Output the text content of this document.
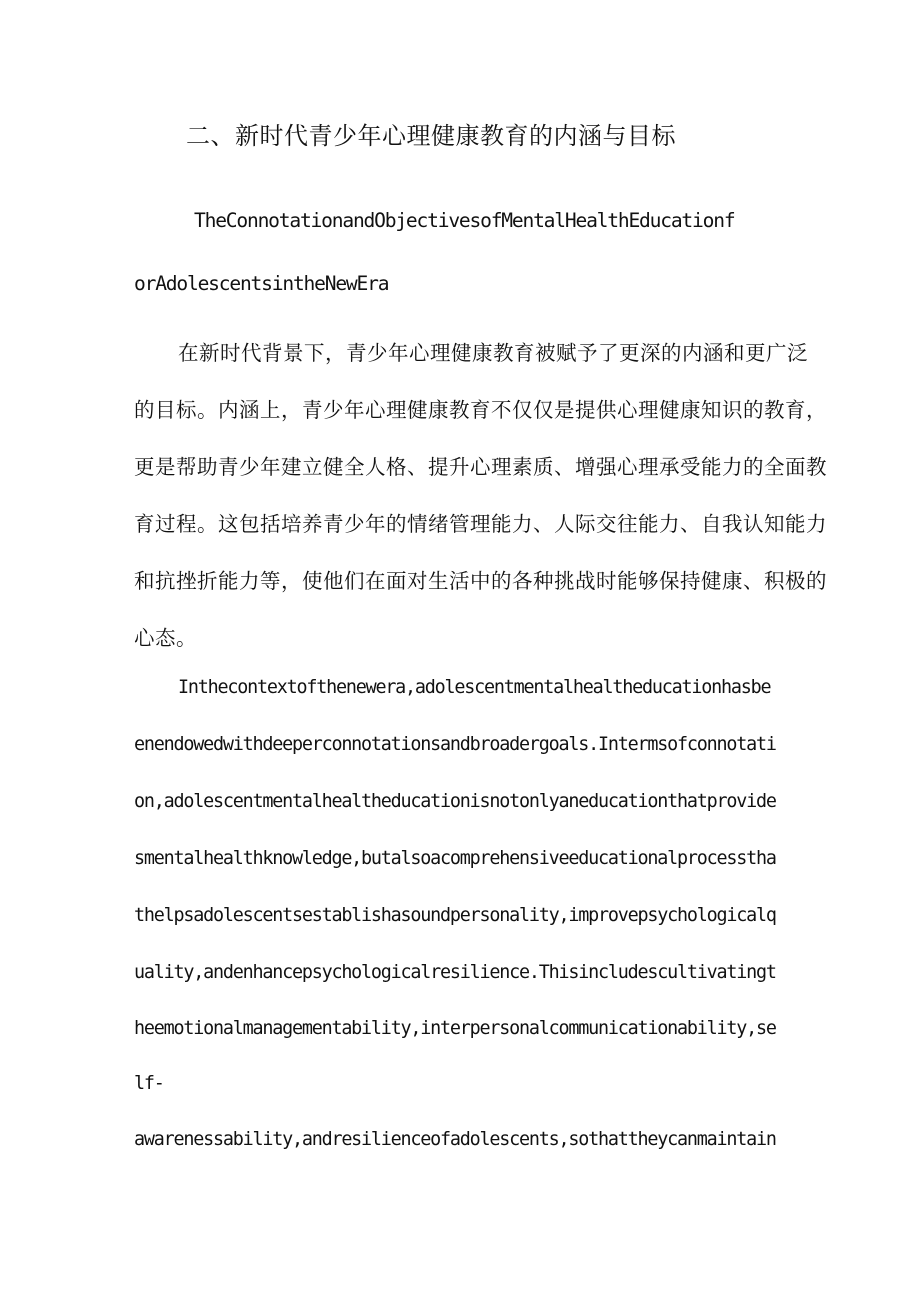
二、新时代青少年心理健康教育的内涵与目标
TheConnotationandObjectivesofMentalHealthEducationf
orAdolescentsintheNewEra
在新时代背景下，青少年心理健康教育被赋予了更深的内涵和更广泛
的目标。内涵上，青少年心理健康教育不仅仅是提供心理健康知识的教育，
更是帮助青少年建立健全人格、提升心理素质、增强心理承受能力的全面教
育过程。这包括培养青少年的情绪管理能力、人际交往能力、自我认知能力
和抗挫折能力等，使他们在面对生活中的各种挑战时能够保持健康、积极的
心态。
Inthecontextofthenewera,adolescentmentalhealtheducationhasbe
enendowedwithdeeperconnotationsandbroadergoals.Intermsofconnotati
on,adolescentmentalhealtheducationisnotonlyaneducationthatprovide
smentalhealthknowledge,butalsoacomprehensiveeducationalprocesstha
thelpsadolescentsestablishasoundpersonality,improvepsychologicalq
uality,andenhancepsychologicalresilience.Thisincludescultivatingt
heemotionalmanagementability,interpersonalcommunicationability,se
lf-
awarenessability,andresilienceofadolescents,sothattheycanmaintain
